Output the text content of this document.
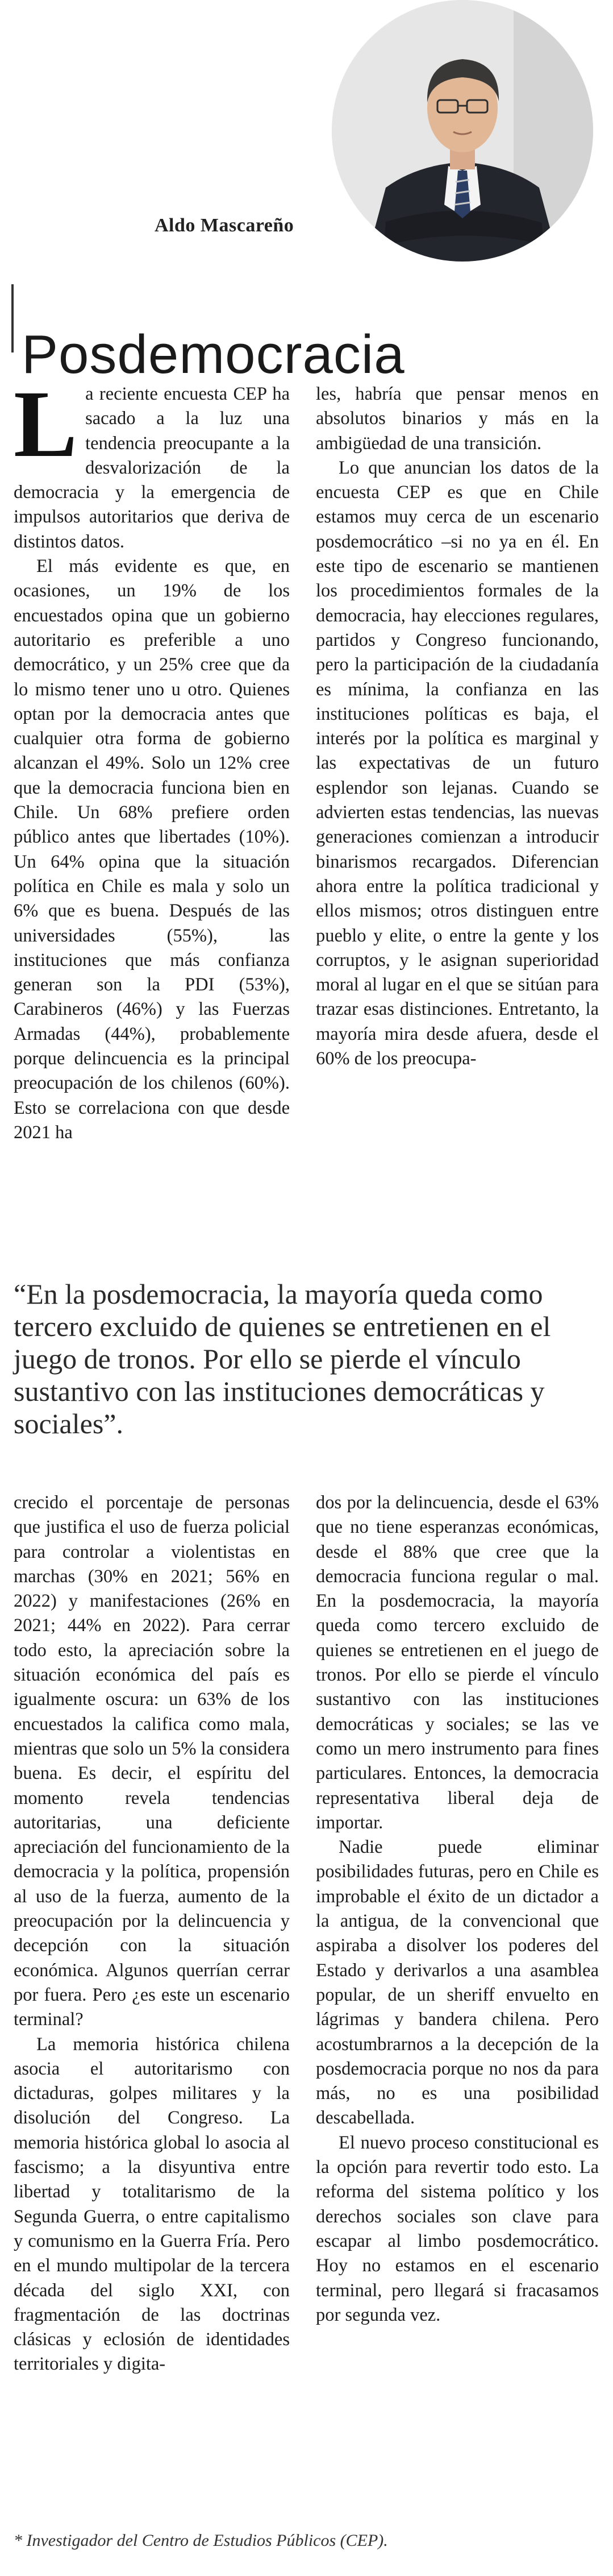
Aldo Mascareño
Posdemocracia

La reciente encuesta CEP ha sacado a la luz una tendencia preocupante a la desvalorización de la democracia y la emergencia de impulsos autoritarios que deriva de distintos datos.

El más evidente es que, en ocasiones, un 19% de los encuestados opina que un gobierno autoritario es preferible a uno democrático, y un 25% cree que da lo mismo tener uno u otro. Quienes optan por la democracia antes que cualquier otra forma de gobierno alcanzan el 49%. Solo un 12% cree que la democracia funciona bien en Chile. Un 68% prefiere orden público antes que libertades (10%). Un 64% opina que la situación política en Chile es mala y solo un 6% que es buena. Después de las universidades (55%), las instituciones que más confianza generan son la PDI (53%), Carabineros (46%) y las Fuerzas Armadas (44%), probablemente porque delincuencia es la principal preocupación de los chilenos (60%). Esto se correlaciona con que desde 2021 ha

les, habría que pensar menos en absolutos binarios y más en la ambigüedad de una transición.

Lo que anuncian los datos de la encuesta CEP es que en Chile estamos muy cerca de un escenario posdemocrático –si no ya en él. En este tipo de escenario se mantienen los procedimientos formales de la democracia, hay elecciones regulares, partidos y Congreso funcionando, pero la participación de la ciudadanía es mínima, la confianza en las instituciones políticas es baja, el interés por la política es marginal y las expectativas de un futuro esplendor son lejanas. Cuando se advierten estas tendencias, las nuevas generaciones comienzan a introducir binarismos recargados. Diferencian ahora entre la política tradicional y ellos mismos; otros distinguen entre pueblo y elite, o entre la gente y los corruptos, y le asignan superioridad moral al lugar en el que se sitúan para trazar esas distinciones. Entretanto, la mayoría mira desde afuera, desde el 60% de los preocupa-

“En la posdemocracia, la mayoría queda como tercero excluido de quienes se entretienen en el juego de tronos. Por ello se pierde el vínculo sustantivo con las instituciones democráticas y sociales”.

crecido el porcentaje de personas que justifica el uso de fuerza policial para controlar a violentistas en marchas (30% en 2021; 56% en 2022) y manifestaciones (26% en 2021; 44% en 2022). Para cerrar todo esto, la apreciación sobre la situación económica del país es igualmente oscura: un 63% de los encuestados la califica como mala, mientras que solo un 5% la considera buena. Es decir, el espíritu del momento revela tendencias autoritarias, una deficiente apreciación del funcionamiento de la democracia y la política, propensión al uso de la fuerza, aumento de la preocupación por la delincuencia y decepción con la situación económica. Algunos querrían cerrar por fuera. Pero ¿es este un escenario terminal?

La memoria histórica chilena asocia el autoritarismo con dictaduras, golpes militares y la disolución del Congreso. La memoria histórica global lo asocia al fascismo; a la disyuntiva entre libertad y totalitarismo de la Segunda Guerra, o entre capitalismo y comunismo en la Guerra Fría. Pero en el mundo multipolar de la tercera década del siglo XXI, con fragmentación de las doctrinas clásicas y eclosión de identidades territoriales y digita-

dos por la delincuencia, desde el 63% que no tiene esperanzas económicas, desde el 88% que cree que la democracia funciona regular o mal. En la posdemocracia, la mayoría queda como tercero excluido de quienes se entretienen en el juego de tronos. Por ello se pierde el vínculo sustantivo con las instituciones democráticas y sociales; se las ve como un mero instrumento para fines particulares. Entonces, la democracia representativa liberal deja de importar.

Nadie puede eliminar posibilidades futuras, pero en Chile es improbable el éxito de un dictador a la antigua, de la convencional que aspiraba a disolver los poderes del Estado y derivarlos a una asamblea popular, de un sheriff envuelto en lágrimas y bandera chilena. Pero acostumbrarnos a la decepción de la posdemocracia porque no nos da para más, no es una posibilidad descabellada.

El nuevo proceso constitucional es la opción para revertir todo esto. La reforma del sistema político y los derechos sociales son clave para escapar al limbo posdemocrático. Hoy no estamos en el escenario terminal, pero llegará si fracasamos por segunda vez.

* Investigador del Centro de Estudios Públicos (CEP).
